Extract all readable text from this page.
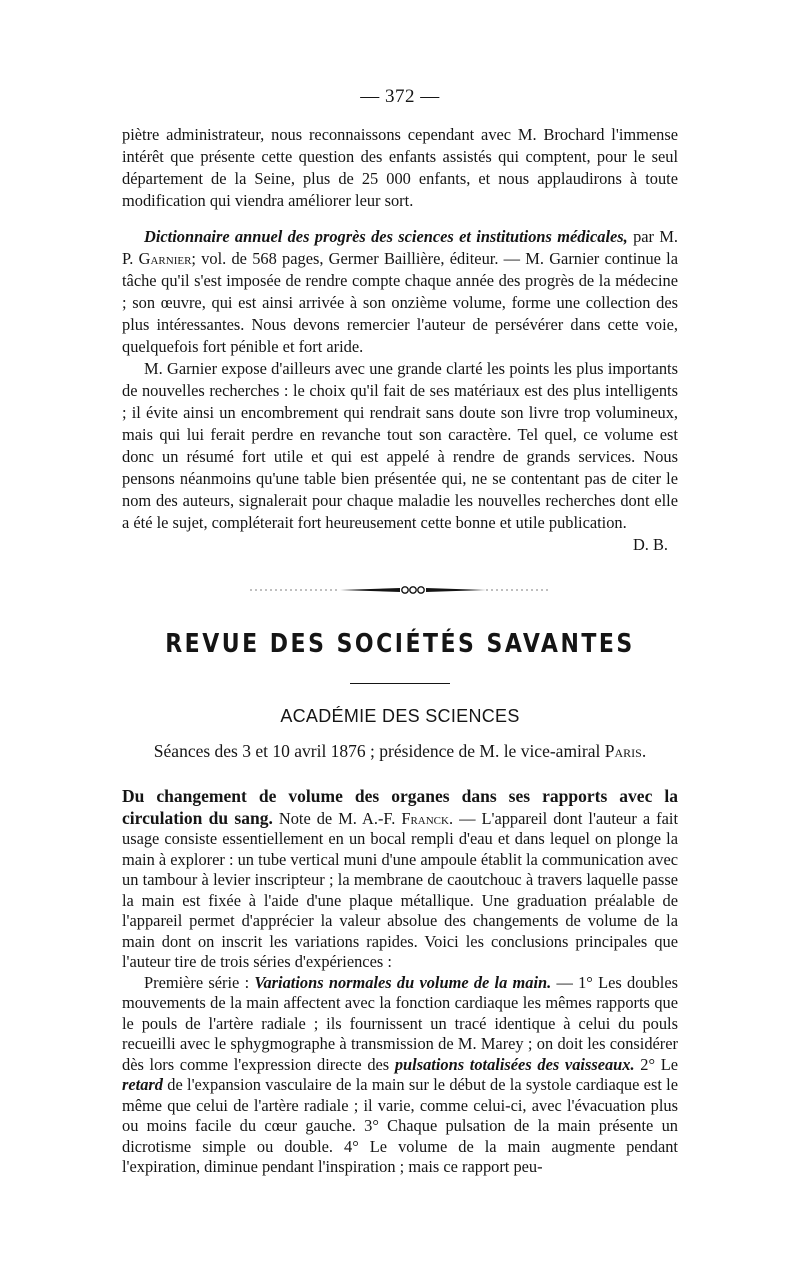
— 372 —

piètre administrateur, nous reconnaissons cependant avec M. Brochard l'immense intérêt que présente cette question des enfants assistés qui comptent, pour le seul département de la Seine, plus de 25 000 enfants, et nous applaudirons à toute modification qui viendra améliorer leur sort.

Dictionnaire annuel des progrès des sciences et institutions médicales, par M. P. Garnier; vol. de 568 pages, Germer Baillière, éditeur. — M. Garnier continue la tâche qu'il s'est imposée de rendre compte chaque année des progrès de la médecine ; son œuvre, qui est ainsi arrivée à son onzième volume, forme une collection des plus intéressantes. Nous devons remercier l'auteur de persévérer dans cette voie, quelquefois fort pénible et fort aride.

M. Garnier expose d'ailleurs avec une grande clarté les points les plus importants de nouvelles recherches : le choix qu'il fait de ses matériaux est des plus intelligents ; il évite ainsi un encombrement qui rendrait sans doute son livre trop volumineux, mais qui lui ferait perdre en revanche tout son caractère. Tel quel, ce volume est donc un résumé fort utile et qui est appelé à rendre de grands services. Nous pensons néanmoins qu'une table bien présentée qui, ne se contentant pas de citer le nom des auteurs, signalerait pour chaque maladie les nouvelles recherches dont elle a été le sujet, compléterait fort heureusement cette bonne et utile publication.

D. B.

REVUE DES SOCIÉTÉS SAVANTES
ACADÉMIE DES SCIENCES
Séances des 3 et 10 avril 1876 ; présidence de M. le vice-amiral Paris.

Du changement de volume des organes dans ses rapports avec la circulation du sang. Note de M. A.-F. Franck. — L'appareil dont l'auteur a fait usage consiste essentiellement en un bocal rempli d'eau et dans lequel on plonge la main à explorer : un tube vertical muni d'une ampoule établit la communication avec un tambour à levier inscripteur ; la membrane de caoutchouc à travers laquelle passe la main est fixée à l'aide d'une plaque métallique. Une graduation préalable de l'appareil permet d'apprécier la valeur absolue des changements de volume de la main dont on inscrit les variations rapides. Voici les conclusions principales que l'auteur tire de trois séries d'expériences :

Première série : Variations normales du volume de la main. — 1° Les doubles mouvements de la main affectent avec la fonction cardiaque les mêmes rapports que le pouls de l'artère radiale ; ils fournissent un tracé identique à celui du pouls recueilli avec le sphygmographe à transmission de M. Marey ; on doit les considérer dès lors comme l'expression directe des pulsations totalisées des vaisseaux. 2° Le retard de l'expansion vasculaire de la main sur le début de la systole cardiaque est le même que celui de l'artère radiale ; il varie, comme celui-ci, avec l'évacuation plus ou moins facile du cœur gauche. 3° Chaque pulsation de la main présente un dicrotisme simple ou double. 4° Le volume de la main augmente pendant l'expiration, diminue pendant l'inspiration ; mais ce rapport peu-
